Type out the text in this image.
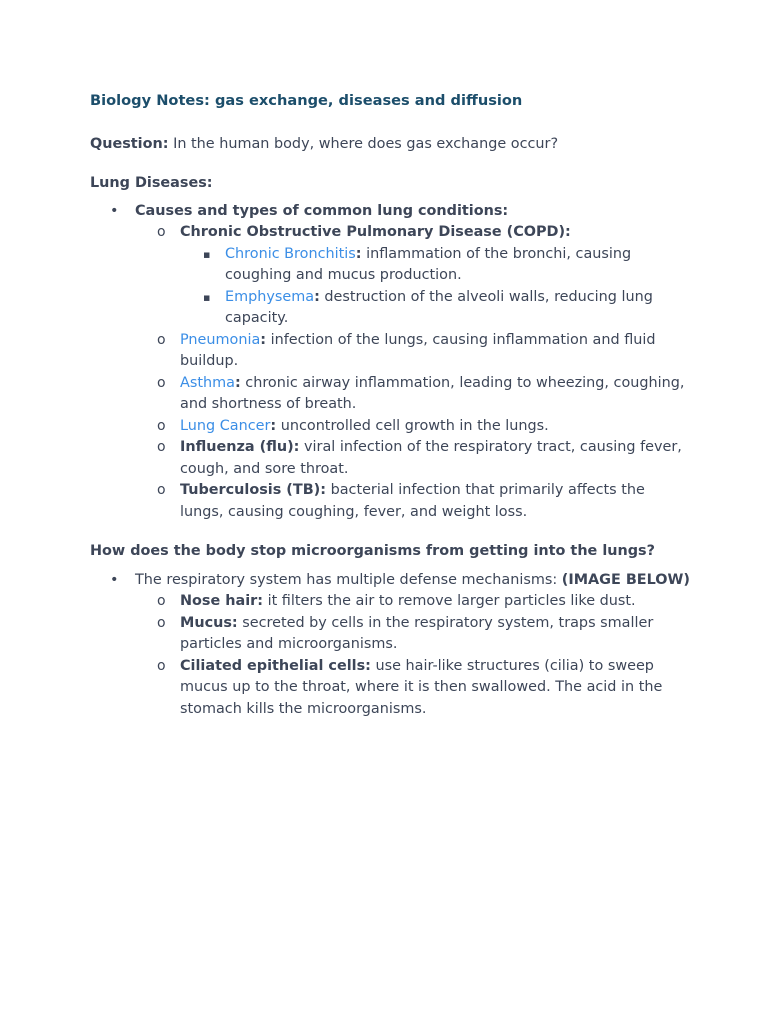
Biology Notes: gas exchange, diseases and diffusion
Question: In the human body, where does gas exchange occur?
Lung Diseases:
• Causes and types of common lung conditions:
o Chronic Obstructive Pulmonary Disease (COPD):
▪ Chronic Bronchitis: inflammation of the bronchi, causing coughing and mucus production.
▪ Emphysema: destruction of the alveoli walls, reducing lung capacity.
o Pneumonia: infection of the lungs, causing inflammation and fluid buildup.
o Asthma: chronic airway inflammation, leading to wheezing, coughing, and shortness of breath.
o Lung Cancer: uncontrolled cell growth in the lungs.
o Influenza (flu): viral infection of the respiratory tract, causing fever, cough, and sore throat.
o Tuberculosis (TB): bacterial infection that primarily affects the lungs, causing coughing, fever, and weight loss.
How does the body stop microorganisms from getting into the lungs?
• The respiratory system has multiple defense mechanisms: (IMAGE BELOW)
o Nose hair: it filters the air to remove larger particles like dust.
o Mucus: secreted by cells in the respiratory system, traps smaller particles and microorganisms.
o Ciliated epithelial cells: use hair-like structures (cilia) to sweep mucus up to the throat, where it is then swallowed. The acid in the stomach kills the microorganisms.
